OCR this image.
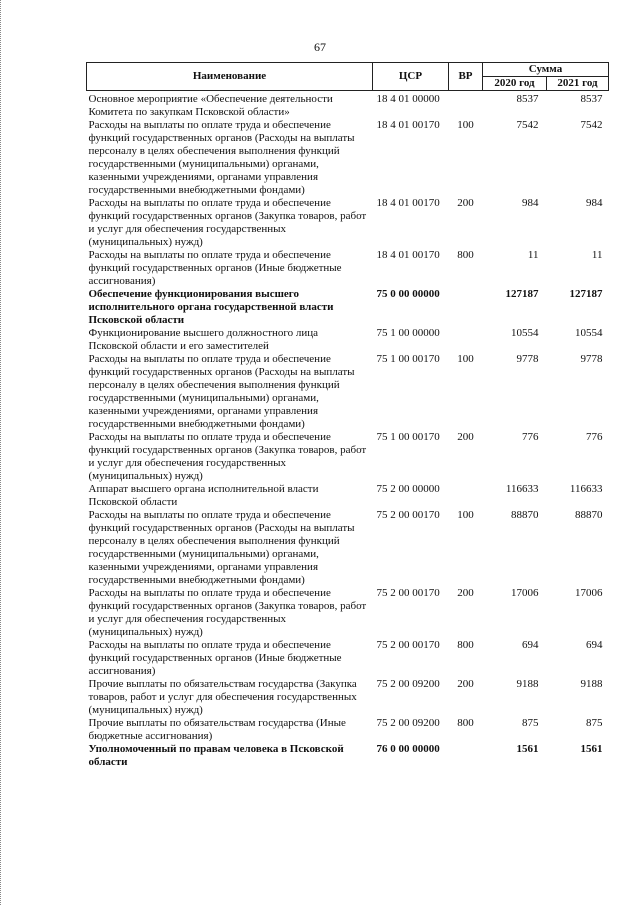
67
Наименование	ЦСР	ВР	Сумма	
			2020 год	2021 год
Основное мероприятие «Обеспечение деятельности Комитета по закупкам Псковской области»	18 4 01 00000		8537	8537
Расходы на выплаты по оплате труда и обеспечение функций государственных органов (Расходы на выплаты персоналу в целях обеспечения выполнения функций государственными (муниципальными) органами, казенными учреждениями, органами управления государственными внебюджетными фондами)	18 4 01 00170	100	7542	7542
Расходы на выплаты по оплате труда и обеспечение функций государственных органов (Закупка товаров, работ и услуг для обеспечения государственных (муниципальных) нужд)	18 4 01 00170	200	984	984
Расходы на выплаты по оплате труда и обеспечение функций государственных органов (Иные бюджетные ассигнования)	18 4 01 00170	800	11	11
Обеспечение функционирования высшего исполнительного органа государственной власти Псковской области	75 0 00 00000		127187	127187
Функционирование высшего должностного лица Псковской области и его заместителей	75 1 00 00000		10554	10554
Расходы на выплаты по оплате труда и обеспечение функций государственных органов (Расходы на выплаты персоналу в целях обеспечения выполнения функций государственными (муниципальными) органами, казенными учреждениями, органами управления государственными внебюджетными фондами)	75 1 00 00170	100	9778	9778
Расходы на выплаты по оплате труда и обеспечение функций государственных органов (Закупка товаров, работ и услуг для обеспечения государственных (муниципальных) нужд)	75 1 00 00170	200	776	776
Аппарат высшего органа исполнительной власти Псковской области	75 2 00 00000		116633	116633
Расходы на выплаты по оплате труда и обеспечение функций государственных органов (Расходы на выплаты персоналу в целях обеспечения выполнения функций государственными (муниципальными) органами, казенными учреждениями, органами управления государственными внебюджетными фондами)	75 2 00 00170	100	88870	88870
Расходы на выплаты по оплате труда и обеспечение функций государственных органов (Закупка товаров, работ и услуг для обеспечения государственных (муниципальных) нужд)	75 2 00 00170	200	17006	17006
Расходы на выплаты по оплате труда и обеспечение функций государственных органов (Иные бюджетные ассигнования)	75 2 00 00170	800	694	694
Прочие выплаты по обязательствам государства (Закупка товаров, работ и услуг для обеспечения государственных (муниципальных) нужд)	75 2 00 09200	200	9188	9188
Прочие выплаты по обязательствам государства (Иные бюджетные ассигнования)	75 2 00 09200	800	875	875
Уполномоченный по правам человека в Псковской области	76 0 00 00000		1561	1561
